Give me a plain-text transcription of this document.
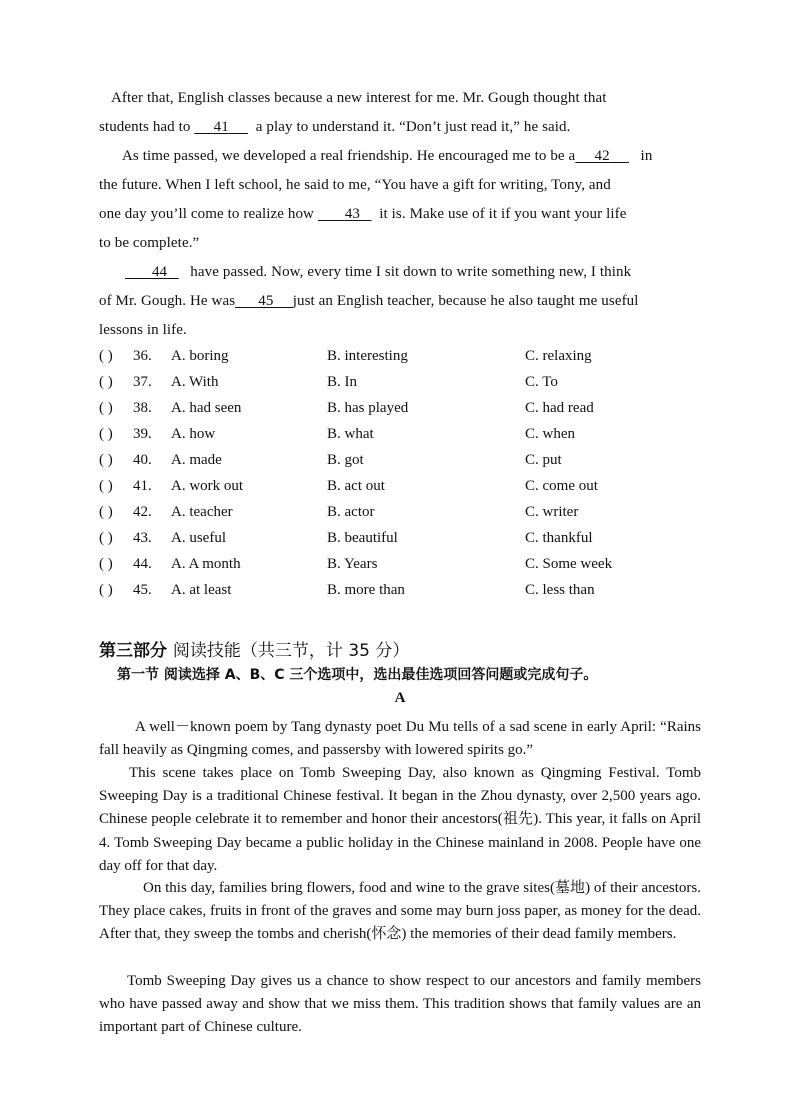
After that, English classes because a new interest for me. Mr. Gough thought that

students had to 41 a play to understand it. “Don’t just read it,” he said.

As time passed, we developed a real friendship. He encouraged me to be a 42 in

the future. When I left school, he said to me, “You have a gift for writing, Tony, and

one day you’ll come to realize how 43 it is. Make use of it if you want your life

to be complete.”

44 have passed. Now, every time I sit down to write something new, I think

of Mr. Gough. He was 45 just an English teacher, because he also taught me useful

lessons in life.

( ) 36. A. boring	B. interesting	C. relaxing
( ) 37. A. With	B. In	C. To
( ) 38. A. had seen	B. has played	C. had read
( ) 39. A. how	B. what	C. when
( ) 40. A. made	B. got	C. put
( ) 41. A. work out	B. act out	C. come out
( ) 42. A. teacher	B. actor	C. writer
( ) 43. A. useful	B. beautiful	C. thankful
( ) 44. A. A month	B. Years	C. Some week
( ) 45. A. at least	B. more than	C. less than
第三部分 阅读技能（共三节，计 35 分）
第一节 阅读选择 A、B、C 三个选项中，选出最佳选项回答问题或完成句子。
A

A well－known poem by Tang dynasty poet Du Mu tells of a sad scene in early April: “Rains fall heavily as Qingming comes, and passersby with lowered spirits go.”

This scene takes place on Tomb Sweeping Day, also known as Qingming Festival. Tomb Sweeping Day is a traditional Chinese festival. It began in the Zhou dynasty, over 2,500 years ago. Chinese people celebrate it to remember and honor their ancestors(祖先). This year, it falls on April 4. Tomb Sweeping Day became a public holiday in the Chinese mainland in 2008. People have one day off for that day.

On this day, families bring flowers, food and wine to the grave sites(墓地) of their ancestors. They place cakes, fruits in front of the graves and some may burn joss paper, as money for the dead. After that, they sweep the tombs and cherish(怀念) the memories of their dead family members.

Tomb Sweeping Day gives us a chance to show respect to our ancestors and family members who have passed away and show that we miss them. This tradition shows that family values are an important part of Chinese culture.
